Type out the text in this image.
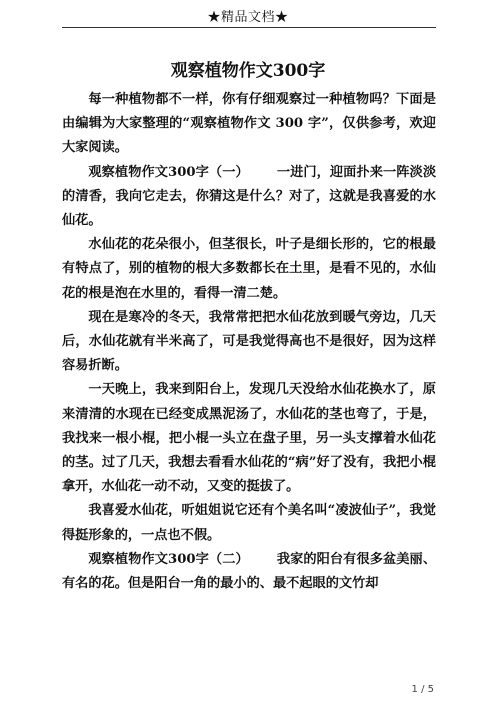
★精品文档★
观察植物作文300字

每一种植物都不一样，你有仔细观察过一种植物吗？下面是由编辑为大家整理的“观察植物作文 300 字”，仅供参考，欢迎大家阅读。

观察植物作文300字（一）      一进门，迎面扑来一阵淡淡的清香，我向它走去，你猜这是什么？对了，这就是我喜爱的水仙花。

水仙花的花朵很小，但茎很长，叶子是细长形的，它的根最有特点了，别的植物的根大多数都长在土里，是看不见的，水仙花的根是泡在水里的，看得一清二楚。

现在是寒冷的冬天，我常常把把水仙花放到暖气旁边，几天后，水仙花就有半米高了，可是我觉得高也不是很好，因为这样容易折断。

一天晚上，我来到阳台上，发现几天没给水仙花换水了，原来清清的水现在已经变成黑泥汤了，水仙花的茎也弯了，于是，我找来一根小棍，把小棍一头立在盘子里，另一头支撑着水仙花的茎。过了几天，我想去看看水仙花的“病”好了没有，我把小棍拿开，水仙花一动不动，又变的挺拔了。

我喜爱水仙花，听姐姐说它还有个美名叫“凌波仙子”，我觉得挺形象的，一点也不假。

观察植物作文300字（二）      我家的阳台有很多盆美丽、有名的花。但是阳台一角的最小的、最不起眼的文竹却

1 / 5
